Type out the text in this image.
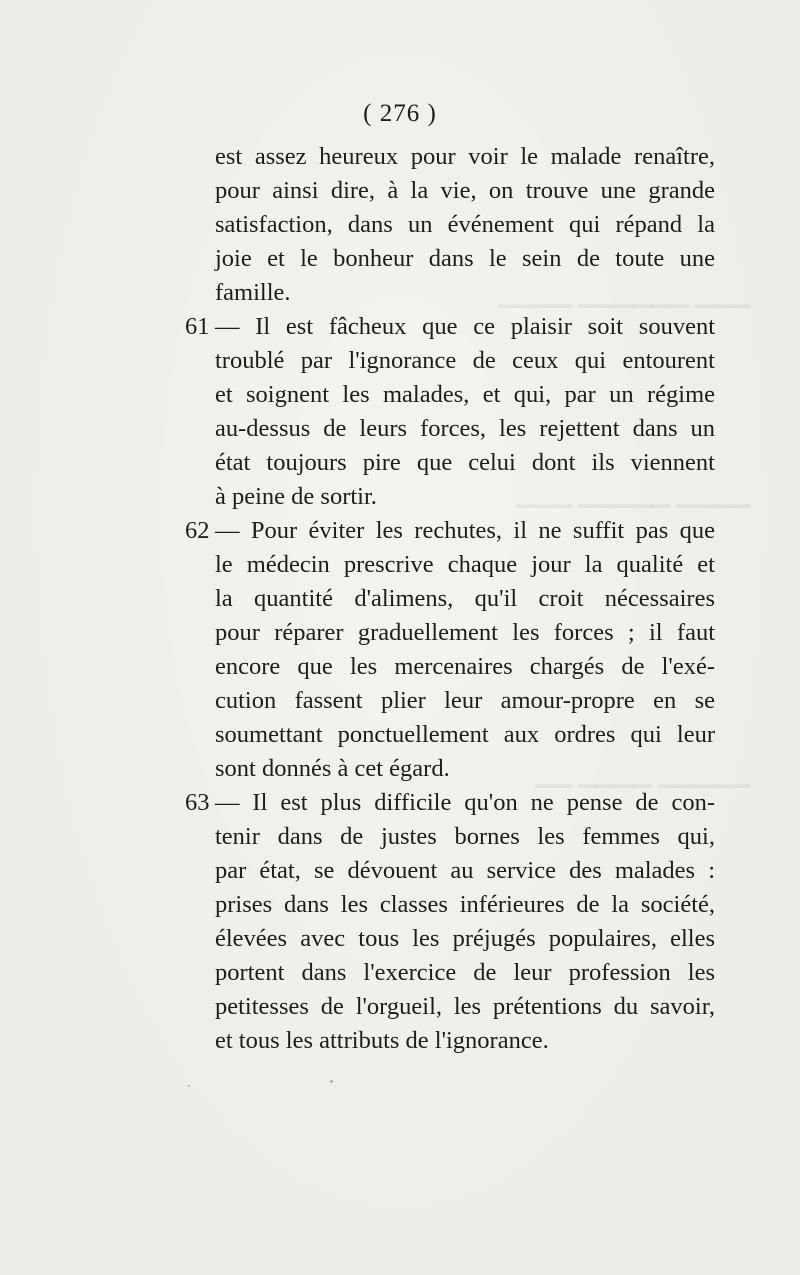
▁▁▁ ▁▁▁▁▁▁ ▁▁▁▁
▁▁▁▁ ▁▁▁▁▁ ▁▁▁
▁▁▁▁▁ ▁▁▁▁ ▁▁
( 276 )
est assez heureux pour voir le malade renaître,
pour ainsi dire, à la vie, on trouve une grande
satisfaction, dans un événement qui répand la
joie et le bonheur dans le sein de toute une
famille.
61 — Il est fâcheux que ce plaisir soit souvent
troublé par l'ignorance de ceux qui entourent
et soignent les malades, et qui, par un régime
au-dessus de leurs forces, les rejettent dans un
état toujours pire que celui dont ils viennent
à peine de sortir.
62 — Pour éviter les rechutes, il ne suffit pas que
le médecin prescrive chaque jour la qualité et
la quantité d'alimens, qu'il croit nécessaires
pour réparer graduellement les forces ; il faut
encore que les mercenaires chargés de l'exé-
cution fassent plier leur amour-propre en se
soumettant ponctuellement aux ordres qui leur
sont donnés à cet égard.
63 — Il est plus difficile qu'on ne pense de con-
tenir dans de justes bornes les femmes qui,
par état, se dévouent au service des malades :
prises dans les classes inférieures de la société,
élevées avec tous les préjugés populaires, elles
portent dans l'exercice de leur profession les
petitesses de l'orgueil, les prétentions du savoir,
et tous les attributs de l'ignorance.
